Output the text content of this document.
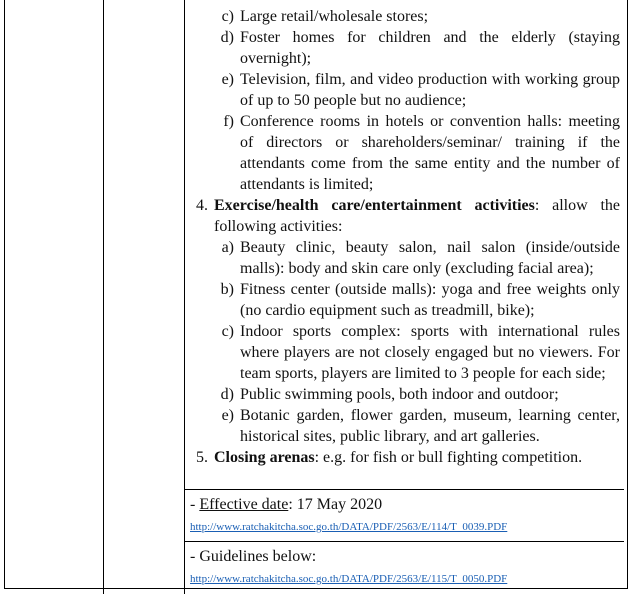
c) Large retail/wholesale stores;
d) Foster homes for children and the elderly (staying overnight);
e) Television, film, and video production with working group of up to 50 people but no audience;
f) Conference rooms in hotels or convention halls: meeting of directors or shareholders/seminar/ training if the attendants come from the same entity and the number of attendants is limited;
4. Exercise/health care/entertainment activities: allow the following activities:
a) Beauty clinic, beauty salon, nail salon (inside/outside malls): body and skin care only (excluding facial area);
b) Fitness center (outside malls): yoga and free weights only (no cardio equipment such as treadmill, bike);
c) Indoor sports complex: sports with international rules where players are not closely engaged but no viewers. For team sports, players are limited to 3 people for each side;
d) Public swimming pools, both indoor and outdoor;
e) Botanic garden, flower garden, museum, learning center, historical sites, public library, and art galleries.
5. Closing arenas: e.g. for fish or bull fighting competition.
- Effective date: 17 May 2020
http://www.ratchakitcha.soc.go.th/DATA/PDF/2563/E/114/T_0039.PDF
- Guidelines below:
http://www.ratchakitcha.soc.go.th/DATA/PDF/2563/E/115/T_0050.PDF
